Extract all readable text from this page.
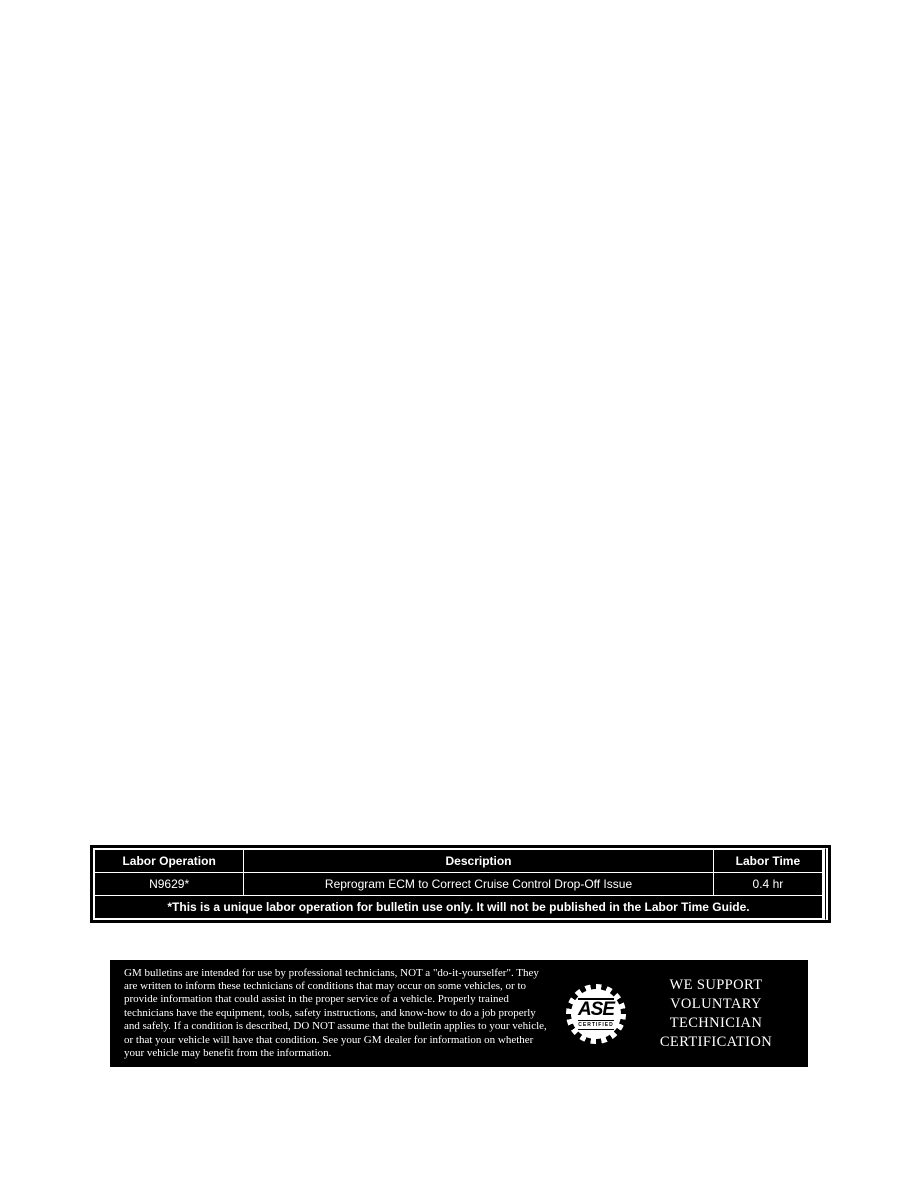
Labor Operation	Description	Labor Time
N9629*	Reprogram ECM to Correct Cruise Control Drop-Off Issue	0.4 hr
*This is a unique labor operation for bulletin use only. It will not be published in the Labor Time Guide.		
GM bulletins are intended for use by professional technicians, NOT a "do-it-yourselfer". They are written to inform these technicians of conditions that may occur on some vehicles, or to provide information that could assist in the proper service of a vehicle. Properly trained technicians have the equipment, tools, safety instructions, and know-how to do a job properly and safely. If a condition is described, DO NOT assume that the bulletin applies to your vehicle, or that your vehicle will have that condition. See your GM dealer for information on whether your vehicle may benefit from the information.
ASE
CERTIFIED
WE SUPPORT
VOLUNTARY
TECHNICIAN
CERTIFICATION
